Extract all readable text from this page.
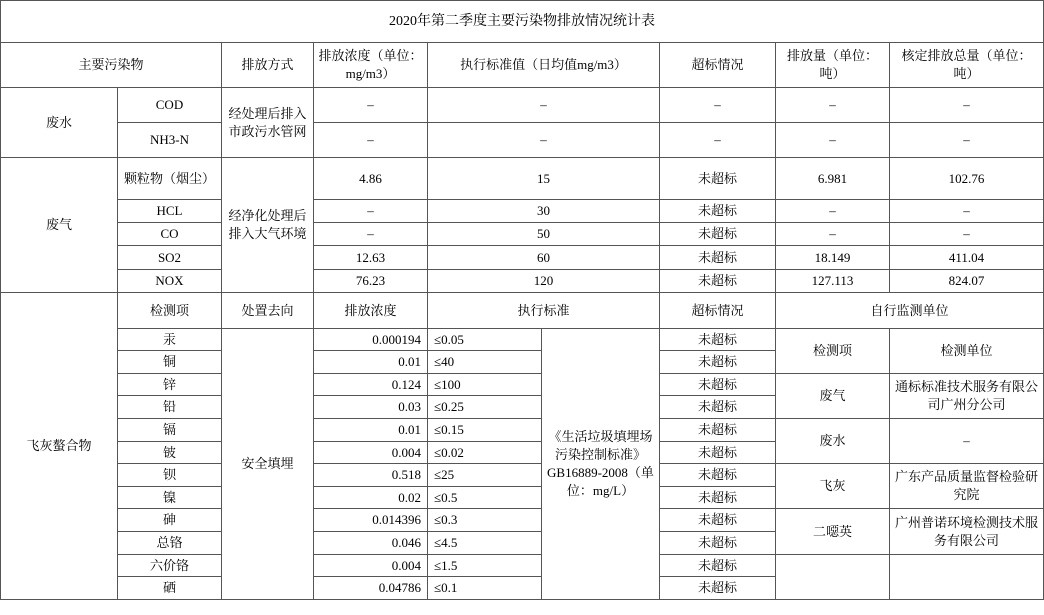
2020年第二季度主要污染物排放情况统计表								
主要污染物		排放方式	排放浓度（单位：mg/m3）	执行标准值（日均值mg/m3）		超标情况	排放量（单位：吨）	核定排放总量（单位：吨）
废水	COD	经处理后排入市政污水管网	–	–		–	–	–
	NH3-N		–	–		–	–	–
废气	颗粒物（烟尘）	经净化处理后排入大气环境	4.86	15		未超标	6.981	102.76
	HCL		–	30		未超标	–	–
	CO		–	50		未超标	–	–
	SO2		12.63	60		未超标	18.149	411.04
	NOX		76.23	120		未超标	127.113	824.07
飞灰螯合物	检测项	处置去向	排放浓度	执行标准		超标情况	自行监测单位	
	汞	安全填埋	0.000194	≤0.05	《生活垃圾填埋场污染控制标准》GB16889-2008（单位：mg/L）	未超标	检测项	检测单位
	铜		0.01	≤40		未超标		
	锌		0.124	≤100		未超标	废气	通标标准技术服务有限公司广州分公司
	铅		0.03	≤0.25		未超标		
	镉		0.01	≤0.15		未超标	废水	–
	铍		0.004	≤0.02		未超标		
	钡		0.518	≤25		未超标	飞灰	广东产品质量监督检验研究院
	镍		0.02	≤0.5		未超标		
	砷		0.014396	≤0.3		未超标	二噁英	广州普诺环境检测技术服务有限公司
	总铬		0.046	≤4.5		未超标		
	六价铬		0.004	≤1.5		未超标		
	硒		0.04786	≤0.1		未超标		
